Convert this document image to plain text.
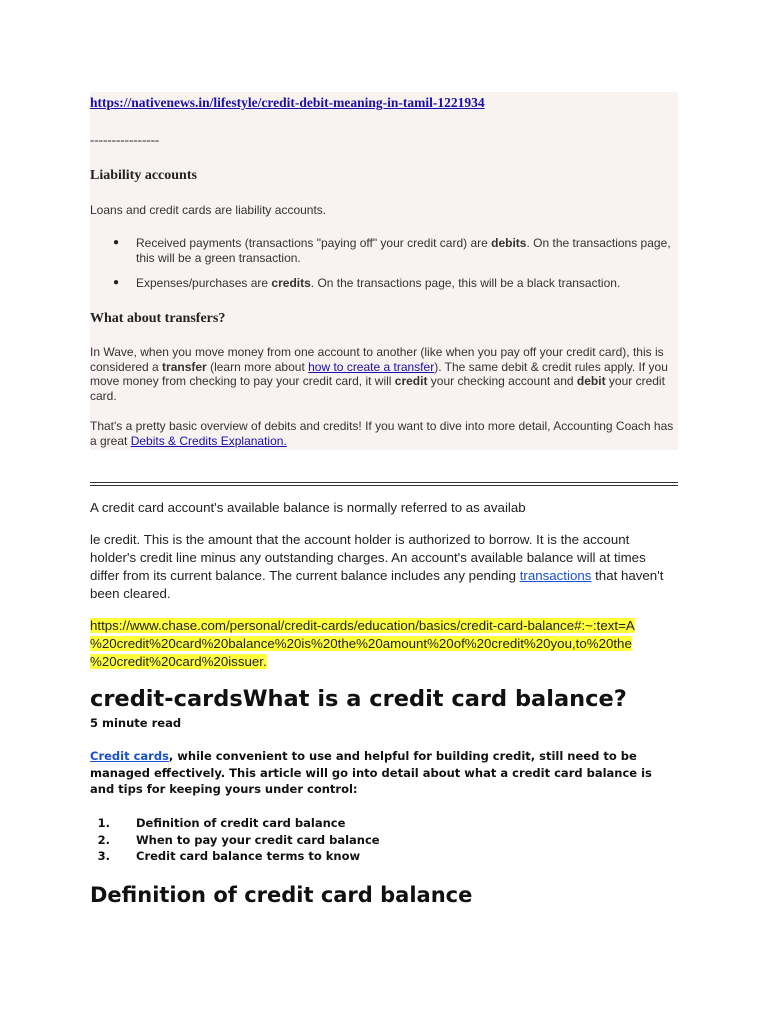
https://nativenews.in/lifestyle/credit-debit-meaning-in-tamil-1221934
----------------
Liability accounts
Loans and credit cards are liability accounts.
● Received payments (transactions "paying off" your credit card) are debits. On the transactions page,
this will be a green transaction.
● Expenses/purchases are credits. On the transactions page, this will be a black transaction.
What about transfers?
In Wave, when you move money from one account to another (like when you pay off your credit card), this is
considered a transfer (learn more about how to create a transfer). The same debit & credit rules apply. If you
move money from checking to pay your credit card, it will credit your checking account and debit your credit
card.
That's a pretty basic overview of debits and credits! If you want to dive into more detail, Accounting Coach has
a great Debits & Credits Explanation.
A credit card account's available balance is normally referred to as availab
le credit. This is the amount that the account holder is authorized to borrow. It is the account
holder's credit line minus any outstanding charges. An account's available balance will at times
differ from its current balance. The current balance includes any pending transactions that haven't
been cleared.
https://www.chase.com/personal/credit-cards/education/basics/credit-card-balance#:~:text=A
%20credit%20card%20balance%20is%20the%20amount%20of%20credit%20you,to%20the
%20credit%20card%20issuer.
credit-cardsWhat is a credit card balance?
5 minute read
Credit cards, while convenient to use and helpful for building credit, still need to be
managed effectively. This article will go into detail about what a credit card balance is
and tips for keeping yours under control:
1. Definition of credit card balance
2. When to pay your credit card balance
3. Credit card balance terms to know
Definition of credit card balance
